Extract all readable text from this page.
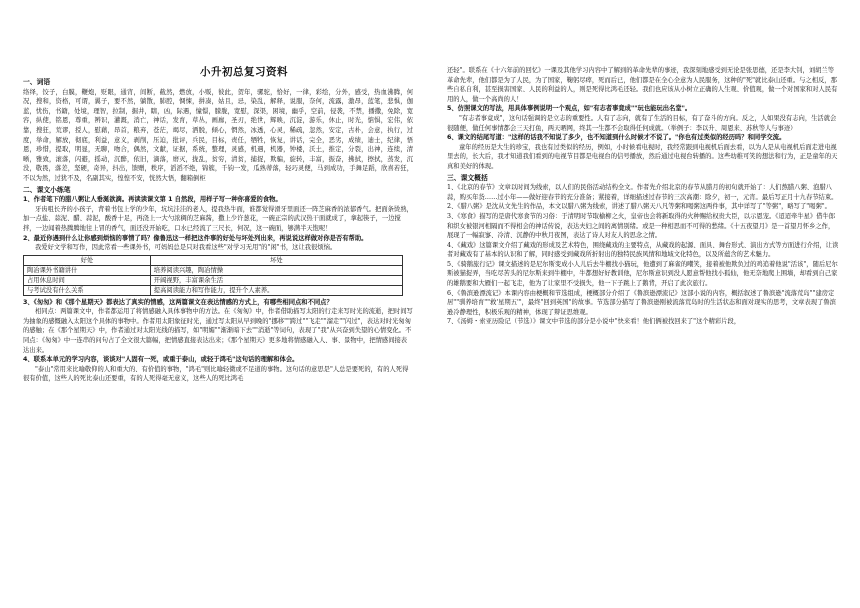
小升初总复习资料

一、词语

络绎，饺子，白膜，鞭炮，贬眼，通宵，间断，截然，燃放，小贩，彼此，贺年，骡驼，恰好，一律，彩绘，分外，感受，热血沸腾，何况，搜和，资格，可谓，翼子，要不然，躺散，肺腔，惆悚，拼凑，姑且，忌，染乱，解释，说服，奈何，流露，激昂，蓝笔，悲惧，伽蓝，忧伤，书籍，处境，理智，拉制，掘井，瞎，凶，际遇，憧憬，朦胧，宽慰，深渠，困境，幽乎，空前，侵袭，不禁，播撒，免除，宽容，纵使，铭恩，尊重，辨识，灌溉，消亡，神话，发育，草丛，画廊，圣刃，绝世，辉映，沉淀，游乐，休止，时光，惦惧，宏伟，依靠，搜狂，荒谬，授人，慰藉，昂首，粮弃，苍茫，竭尽，洒脱，倾心，惘然，冰透，心灵，稀疏，忽然，安定，古朴，会意，执行，过度，举命，解放，彻底，利益，意义，剥削，压迫，批评，兵民，目标，责任，牺牲，恢复，讲话，完全，恶劣，成绩，迪士，纪律，悟恩，珍惜，提取，明显，无聊，吻合，偶然，文献，证据，系统，整理，灵感，机遇，机器，钟楼，沃土，推定，分裂，出神，连续，清晰，雅致，滚落，闪避，摇动，沉醉，依旧，滴落，磨灭，拢乱，贫穷，清贫，捕捉，欺骗，旋转，丰富，振奋，拂拭，擦拭，蒸发，沉没，敬畏，落差，坚硬，奇异，抖出，馈赠，秩序，滔滔不绝，锦簇，千钧一发，瓜熟蒂落，轻巧灵便，马到成功，手舞足蹈，欣喜若狂，不以为然，过犹不及，名副其实，惶惶不安，恍然大悟，翻箱倒柜

二、课文小练笔

1、作者笔下的腊八粥让人垂涎欲滴。再读读课文第 1 自然段，用样子写一种你喜爱的食物。

牙齿咀长齐的小孩子，背着书包上学的少年，坑坑洼洼的老人，提我热牛面，谁都觉得滑牙里面还一阵芝麻香的浓郁香气。把面条烫熟，加一点盐、蒜泥、醋、蒜泥，酸香十足，再浇上一大勺浓稠的芝麻酱，撒上少许葱花，一碗正宗的武汉热干面就成了，拿起筷子，一边搅拌，一边闻着热腾腾地往上冒的香气，面还没开始吃，口水已经流了三尺长，何况，这一碗面，够满半天饱呢！

2、最近你遇到什么让你感到烦恼的事情了吗？像鲁迅这一样把这件事的好处与坏处列出来，再说说这样做对你是否有帮助。

我爱好文学和写作，因此常看一些课外书，可妈妈总是只对我看这些"对学习无用"的"闲"书，这让我很烦恼。

好处	坏处
陶冶课外书籍讲什	培养阅读兴趣，陶冶情操
占用休息时间	开阔视野，丰富课余生活
与考试没有什么关系	提高阅读能力和写作能力，提升个人素养。

3、《匆匆》和《那个星期天》都表达了真实的情感，这两篇课文在表达情感的方式上，有哪些相同点和不同点？

相同点：两篇课文中，作者都运用了将情感融入具体事物中的方法。在《匆匆》中，作者借助描写太阳的行走来写时光的流逝，把时间写为抽象的感慨融入太阳这个具体的事物中。作者用太阳象征时光，通过写太阳从早到晚的"挪移""跨过""飞走""溜走""闪过"，表达对时光匆匆的感触；在《那个星期天》中，作者通过对太阳光线的描写，如"明媚""渐渐暗下去""消逝"等词句，表现了"我"从兴奋到失望的心情变化。不同点：《匆匆》中一连串的问句占了全文很大篇幅，把情感直接表达出来；《那个星期天》更多地将情感融入人、事、景物中，把情感间接表达出来。

4、联系本单元的学习内容，谈谈对"人固有一死，或重于泰山，或轻于鸿毛"这句话的理解和体会。

"泰山"常用来比喻敬仰的人和重大的、有价值的事物，"鸿毛"则比喻轻微或不足道的事物。这句话的意思是"人总是要死的，有的人死得很有价值，这些人的死比泰山还要重，有的人死得毫无意义，这些人的死比鸿毛

还轻"。联系在《十六年前的回忆》一课及其他学习内容中了解到的革命先辈的事迹，我深刻地感受到无论是张思德，还是李大钊，刘胡兰等革命先辈，他们都是为了人民，为了国家，鞠躬尽瘁，死而后已，他们都是在全心全意为人民服务，这种的"死"就比泰山还重。与之相反，那些自私自利，甚至损害国家、人民的利益的人，则是死得比鸿毛还轻。我们也应该从小树立正确的人生观、价值观，做一个对国家和对人民有用的人，做一个高尚的人！

5、仿照课文的写法，用具体事例说明一个观点，如"有志者事竟成""玩也能玩出名堂"。

"有志者事竟成"，这句话强调的是立志的重要性。人有了志向，就有了生活的目标，有了奋斗的方向。反之，人如果没有志向，生活就会很随便，做任何事情都会三天打鱼，两天晒网，终其一生都不会取得任何成就。（举例子：李以升、周恩来、苏秋等人与事迹）

6、课文的结尾写道："这样的话我不知说了多少，也不知道到什么时候才不说了。"你也有过类似的经历吗？和同学交流。

童年的经历是大生的珍宝，我也有过类似的经历，例如，小时候看电视时，我经常跟到电视机后面去看，以为人是从电视机后面走进电视里去的，长大后，我才知道我们看到的电视节目都是电视台的信号播放，然后通过电视台转播的。这些幼稚可笑的想法和行为，正是童年的天真和美好的体现。

三、课文概括

1、《北京的春节》文章以时间为线索，以人们的民俗活动结构全文。作者先介绍北京的春节从腊月的初旬就开始了：人们熬腊八粥、泡腊八蒜，购买年货……过小年——做好迎春节的充分准备；紧接着，详细描述过春节的三次高潮：除夕，初一，元宵。最后写正月十九春节结束。

2、《腊八粥》是沈从文先生的作品，本文以腊八粥为线索，讲述了腊八粥天八凡等粥和喝粥这两件事，其中详写了"等粥"，略写了"喝粥"。

3、《寒食》描写的是唐代寒食节的习俗：于清明时节取榆柳之火，皇帝也会将新取得的火种赐给权贵大臣，以示恩宠。《迢迢牵牛星》借牛郎和织女被银河相隔而不得相会的神话传说，表达夫妇之间的离情别绪。或是一种相思而不可得的愁绪。《十五夜望月》是一首望月怀乡之作，展现了一幅寂寥、冷清、沉静的中秋月夜图，表达了诗人对友人的思念之情。

4、《藏戏》这篇课文介绍了藏戏的形成及艺术特色，围绕藏戏的主要特点，从藏戏的起源、面具、舞台形式、演出方式等方面进行介绍，让读者对藏戏有了基本的认识和了解，同时感受到藏戏所折射出的独特民族风情和地域文化特色，以及所蕴含的艺术魅力。

5、《骑鹅旅行记》课文描述的是尼尔斯变成小人儿后去牛棚找小猫玩，他遭到了麻雀的嘲笑，接着被他欺负过的鸡追着他说"活该"，随后尼尔斯被猫捉弄，当吃尽苦头的尼尔斯来到牛棚中，牛都想好好教训他，尼尔斯意识到没人愿意帮他找小狐仙，他无奈地爬上围墙，却看到自己家的雄鹅要和大雁们一起飞走，他为了让家里不受损失，他一下子跳上了鹅背，开启了此次旅行。

6、《鲁滨逊漂流记》本课内容由梗概和节选组成，梗概部分介绍了《鲁滨逊漂流记》这部小说的内容，概括叙述了鲁滨逊"流落荒岛""建房定居""驯养培育""救'星期五'"，最终"回到英国"的故事。节选部分描写了鲁滨逊刚被流落荒岛时的生活状态和面对现实的思考，文章表现了鲁滨逊冷静理性，积极乐观的精神，体现了辩证思维观。

7、《汤姆・索亚历险记（节选）》课文中节选的部分是小说中"快来看！他们俩被找回来了"这个精彩片段，
